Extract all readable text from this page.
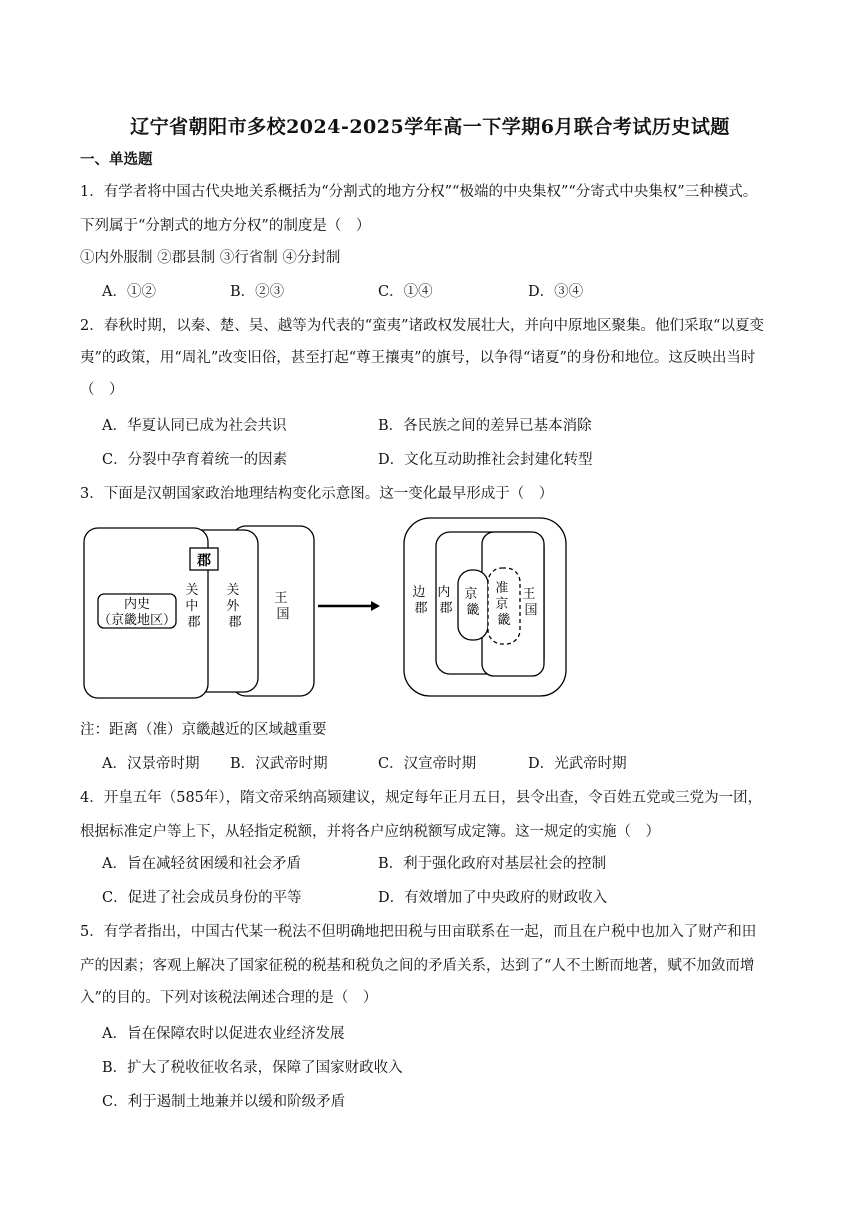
辽宁省朝阳市多校2024-2025学年高一下学期6月联合考试历史试题
一、单选题
1．有学者将中国古代央地关系概括为“分割式的地方分权”“极端的中央集权”“分寄式中央集权”三种模式。
下列属于“分割式的地方分权”的制度是（　）
①内外服制 ②郡县制 ③行省制 ④分封制
A．①②	B．②③	C．①④	D．③④
2．春秋时期，以秦、楚、吴、越等为代表的“蛮夷”诸政权发展壮大，并向中原地区聚集。他们采取“以夏变
夷”的政策，用“周礼”改变旧俗，甚至打起“尊王攘夷”的旗号，以争得“诸夏”的身份和地位。这反映出当时
（　）
A．华夏认同已成为社会共识	B．各民族之间的差异已基本消除
C．分裂中孕育着统一的因素	D．文化互动助推社会封建化转型
3．下面是汉朝国家政治地理结构变化示意图。这一变化最早形成于（　）
郡
内史
（京畿地区）
关 中 郡
关 外 郡
王 国
边 郡
内 郡
京 畿
准 京 畿
王 国
注：距离（准）京畿越近的区域越重要
A．汉景帝时期 B．汉武帝时期	C．汉宣帝时期	D．光武帝时期
4．开皇五年（585年），隋文帝采纳高颎建议，规定每年正月五日，县令出查，令百姓五党或三党为一团，
根据标准定户等上下，从轻指定税额，并将各户应纳税额写成定簿。这一规定的实施（　）
A．旨在减轻贫困缓和社会矛盾	B．利于强化政府对基层社会的控制
C．促进了社会成员身份的平等	D．有效增加了中央政府的财政收入
5．有学者指出，中国古代某一税法不但明确地把田税与田亩联系在一起，而且在户税中也加入了财产和田
产的因素；客观上解决了国家征税的税基和税负之间的矛盾关系，达到了“人不土断而地著，赋不加敛而增
入”的目的。下列对该税法阐述合理的是（　）
A．旨在保障农时以促进农业经济发展
B．扩大了税收征收名录，保障了国家财政收入
C．利于遏制土地兼并以缓和阶级矛盾
